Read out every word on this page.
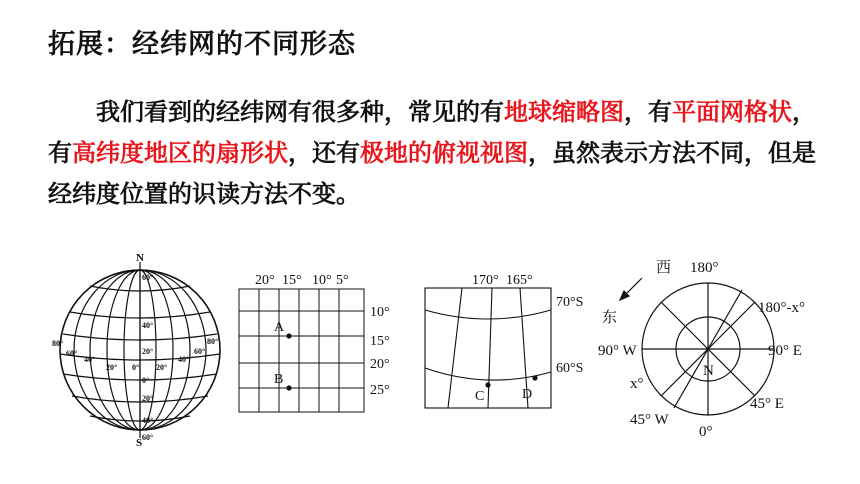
拓展：经纬网的不同形态
我们看到的经纬网有很多种，常见的有地球缩略图，有平面网格状，有高纬度地区的扇形状，还有极地的俯视视图，虽然表示方法不同，但是经纬度位置的识读方法不变。
N
S
60°
40°
20°
0°
20°
40°
60°
80°
60°
40°
20° 0° 20°
40°
60°
80°
20° 15° 10° 5°
10°
15°
20°
25°
A
B
170° 165°
70°S
60°S
C	D
西 180°
东
180°-x°
90° W	90° E
x°
N
45° W
45° E
0°
